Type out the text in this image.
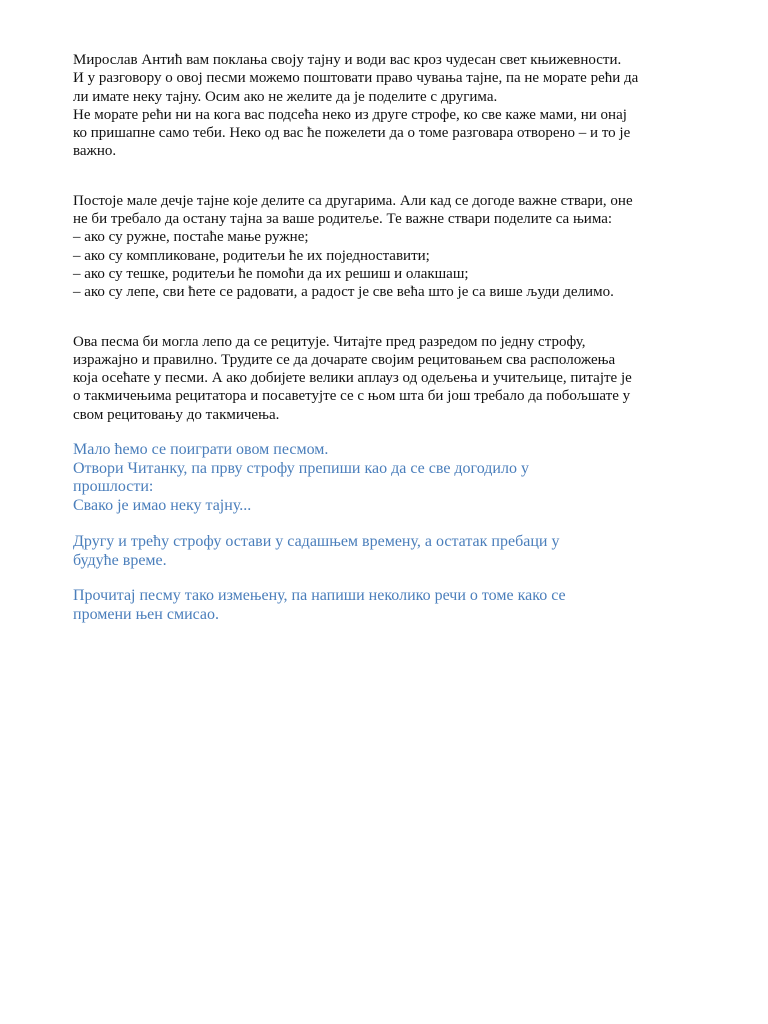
Мирослав Антић вам поклања своју тајну и води вас кроз чудесан свет књижевности.
И у разговору о овој песми можемо поштовати право чувања тајне, па не морате рећи да
ли имате неку тајну. Осим ако не желите да је поделите с другима.
Не морате рећи ни на кога вас подсећа неко из друге строфе, ко све каже мами, ни онај
ко пришапне само теби. Неко од вас ће пожелети да о томе разговара отворено – и то је
важно.

Постоје мале дечје тајне које делите са другарима. Али кад се догоде важне ствари, оне
не би требало да остану тајна за ваше родитеље. Те важне ствари поделите са њима:
– ако су ружне, постаће мање ружне;
– ако су компликоване, родитељи ће их поједноставити;
– ако су тешке, родитељи ће помоћи да их решиш и олакшаш;
– ако су лепе, сви ћете се радовати, а радост је све већа што је са више људи делимо.

Ова песма би могла лепо да се рецитује. Читајте пред разредом по једну строфу,
изражајно и правилно. Трудите се да дочарате својим рецитовањем сва расположења
која осећате у песми. А ако добијете велики аплауз од одељења и учитељице, питајте је
о такмичењима рецитатора и посаветујте се с њом шта би још требало да побољшате у
свом рецитовању до такмичења.

Мало ћемо се поиграти овом песмом.
Отвори Читанку, па прву строфу препиши као да се све догодило у
прошлости:
Свако је имао неку тајну...

Другу и трећу строфу остави у садашњем времену, а остатак пребаци у
будуће време.

Прочитај песму тако измењену, па напиши неколико речи о томе како се
промени њен смисао.
